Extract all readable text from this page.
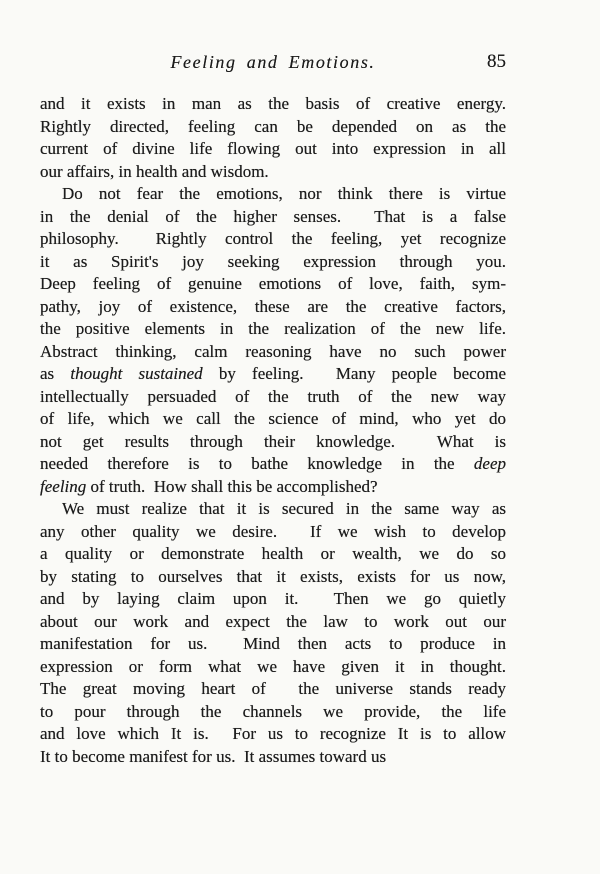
Feeling and Emotions.	85
and it exists in man as the basis of creative energy.
Rightly directed, feeling can be depended on as the
current of divine life flowing out into expression in all
our affairs, in health and wisdom.
Do not fear the emotions, nor think there is virtue
in the denial of the higher senses.  That is a false
philosophy.  Rightly control the feeling, yet recognize
it as Spirit's joy seeking expression through you.
Deep feeling of genuine emotions of love, faith, sym-
pathy, joy of existence, these are the creative factors,
the positive elements in the realization of the new life.
Abstract thinking, calm reasoning have no such power
as thought sustained by feeling.  Many people become
intellectually persuaded of the truth of the new way
of life, which we call the science of mind, who yet do
not get results through their knowledge.  What is
needed therefore is to bathe knowledge in the deep
feeling of truth.  How shall this be accomplished?
We must realize that it is secured in the same way as
any other quality we desire.  If we wish to develop
a quality or demonstrate health or wealth, we do so
by stating to ourselves that it exists, exists for us now,
and by laying claim upon it.  Then we go quietly
about our work and expect the law to work out our
manifestation for us.  Mind then acts to produce in
expression or form what we have given it in thought.
The great moving heart of  the universe stands ready
to pour through the channels we provide, the life
and love which It is.  For us to recognize It is to allow
It to become manifest for us.  It assumes toward us
